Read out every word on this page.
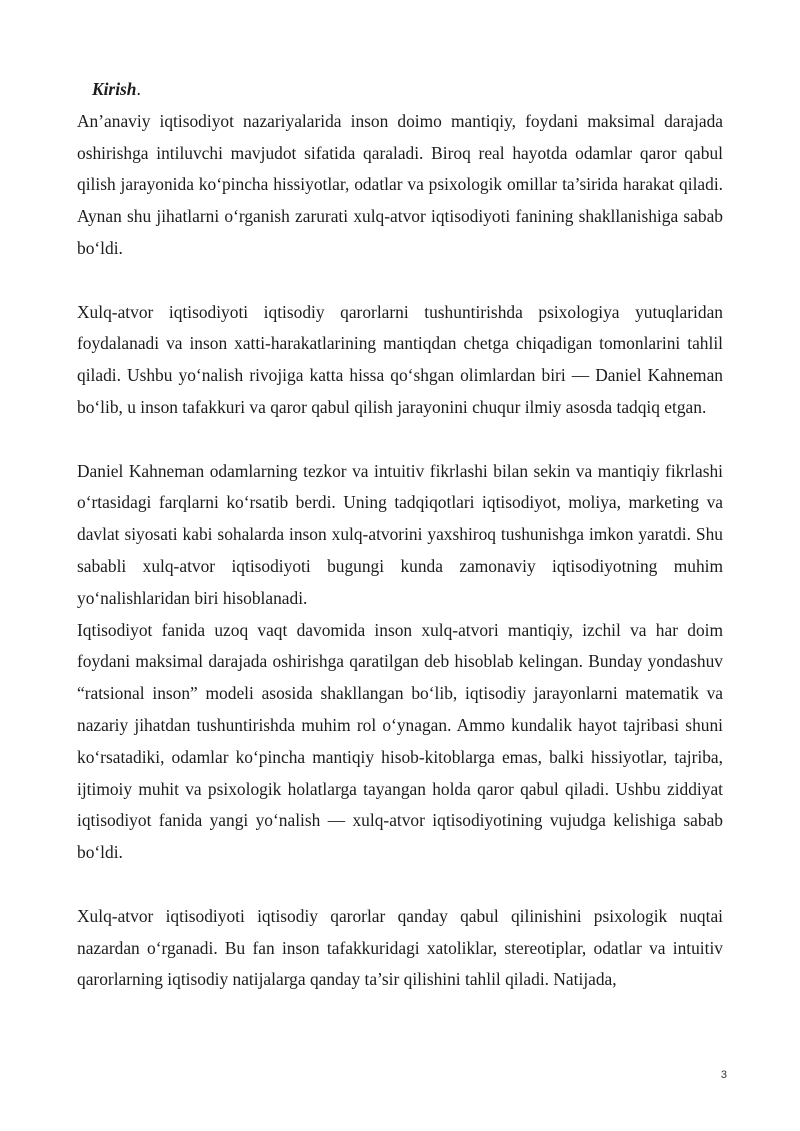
Kirish.

An’anaviy iqtisodiyot nazariyalarida inson doimo mantiqiy, foydani maksimal darajada oshirishga intiluvchi mavjudot sifatida qaraladi. Biroq real hayotda odamlar qaror qabul qilish jarayonida ko‘pincha hissiyotlar, odatlar va psixologik omillar ta’sirida harakat qiladi. Aynan shu jihatlarni o‘rganish zarurati xulq-atvor iqtisodiyoti fanining shakllanishiga sabab bo‘ldi.

Xulq-atvor iqtisodiyoti iqtisodiy qarorlarni tushuntirishda psixologiya yutuqlaridan foydalanadi va inson xatti-harakatlarining mantiqdan chetga chiqadigan tomonlarini tahlil qiladi. Ushbu yo‘nalish rivojiga katta hissa qo‘shgan olimlardan biri — Daniel Kahneman bo‘lib, u inson tafakkuri va qaror qabul qilish jarayonini chuqur ilmiy asosda tadqiq etgan.

Daniel Kahneman odamlarning tezkor va intuitiv fikrlashi bilan sekin va mantiqiy fikrlashi o‘rtasidagi farqlarni ko‘rsatib berdi. Uning tadqiqotlari iqtisodiyot, moliya, marketing va davlat siyosati kabi sohalarda inson xulq-atvorini yaxshiroq tushunishga imkon yaratdi. Shu sababli xulq-atvor iqtisodiyoti bugungi kunda zamonaviy iqtisodiyotning muhim yo‘nalishlaridan biri hisoblanadi.

Iqtisodiyot fanida uzoq vaqt davomida inson xulq-atvori mantiqiy, izchil va har doim foydani maksimal darajada oshirishga qaratilgan deb hisoblab kelingan. Bunday yondashuv “ratsional inson” modeli asosida shakllangan bo‘lib, iqtisodiy jarayonlarni matematik va nazariy jihatdan tushuntirishda muhim rol o‘ynagan. Ammo kundalik hayot tajribasi shuni ko‘rsatadiki, odamlar ko‘pincha mantiqiy hisob-kitoblarga emas, balki hissiyotlar, tajriba, ijtimoiy muhit va psixologik holatlarga tayangan holda qaror qabul qiladi. Ushbu ziddiyat iqtisodiyot fanida yangi yo‘nalish — xulq-atvor iqtisodiyotining vujudga kelishiga sabab bo‘ldi.

Xulq-atvor iqtisodiyoti iqtisodiy qarorlar qanday qabul qilinishini psixologik nuqtai nazardan o‘rganadi. Bu fan inson tafakkuridagi xatoliklar, stereotiplar, odatlar va intuitiv qarorlarning iqtisodiy natijalarga qanday ta’sir qilishini tahlil qiladi. Natijada,

3
